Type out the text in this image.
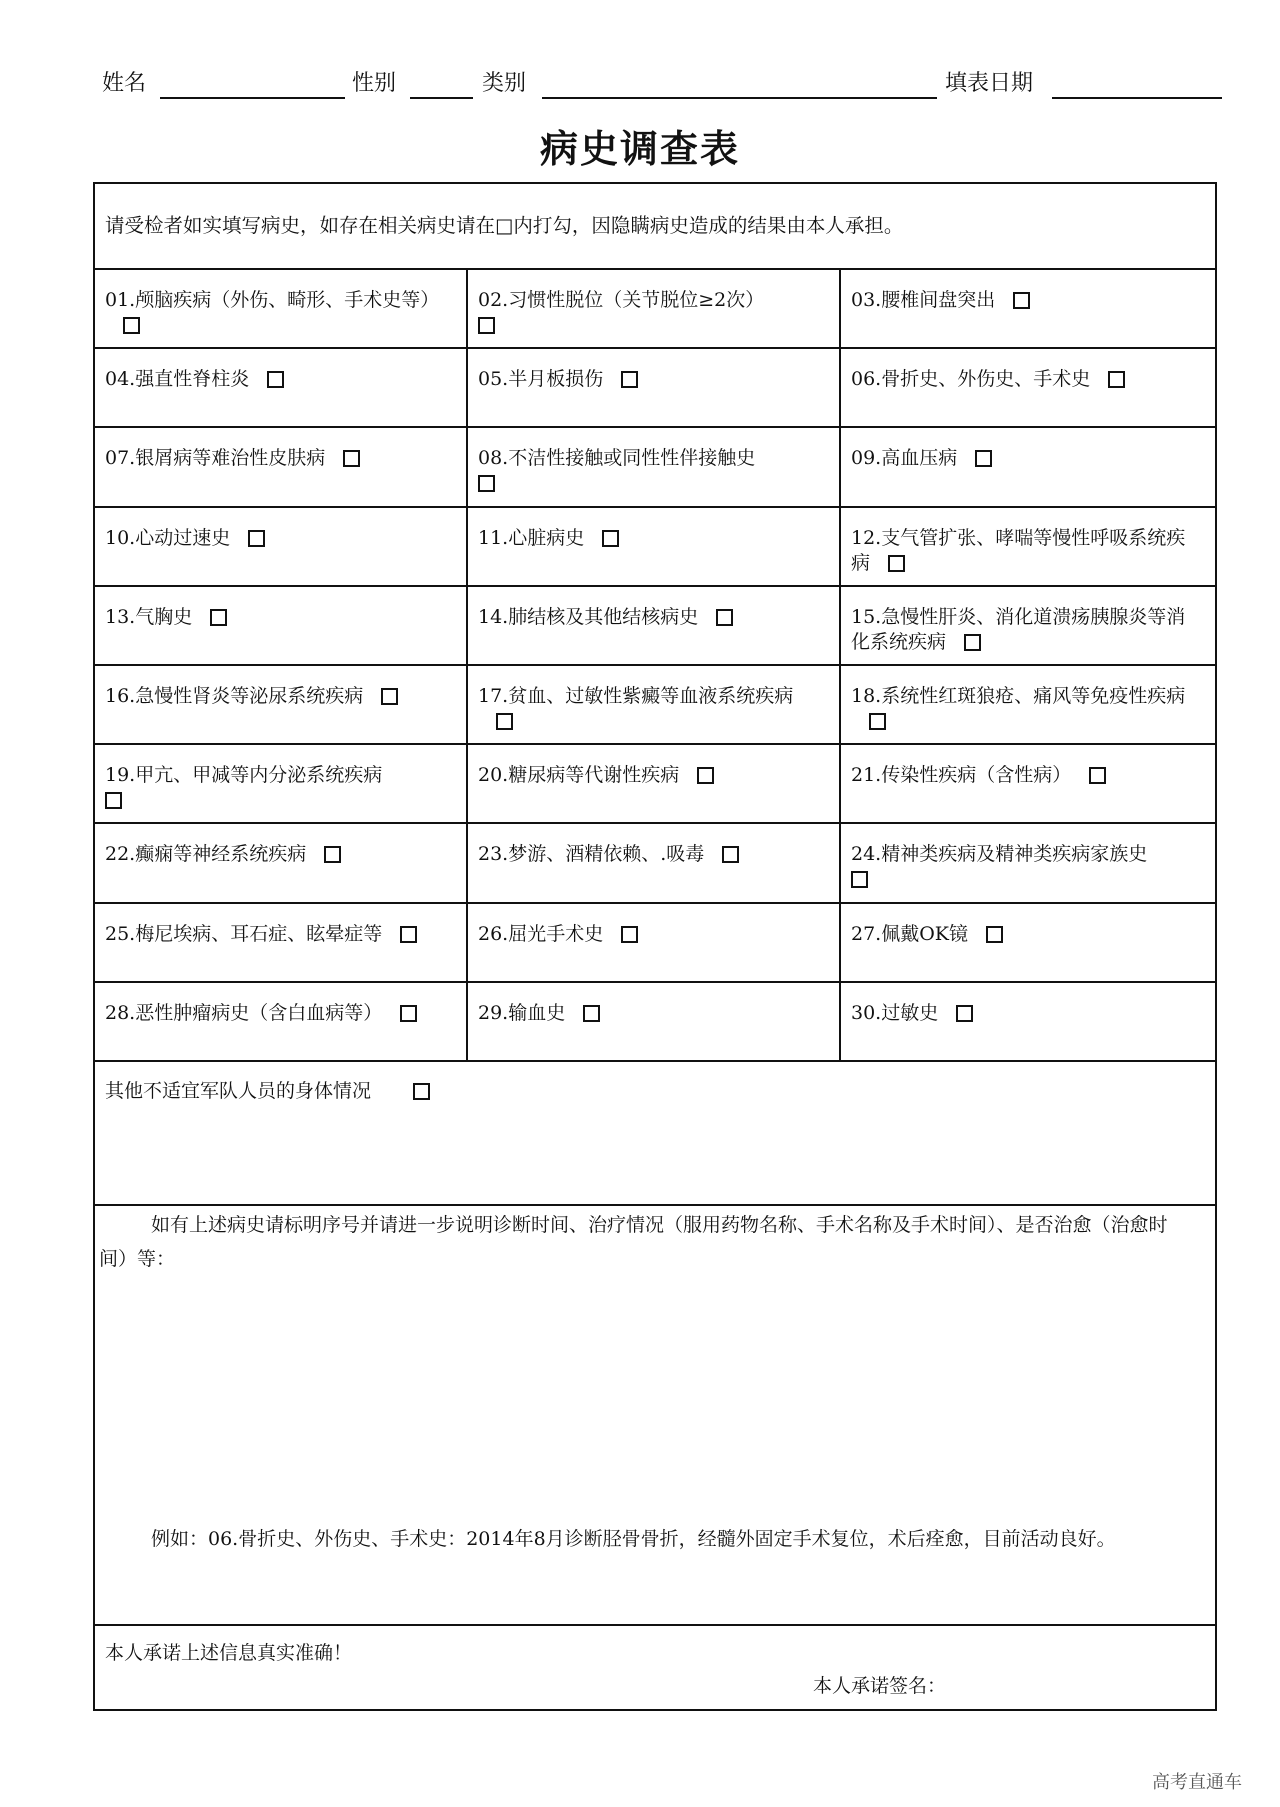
姓名	性别	类别	填表日期
病史调查表
请受检者如实填写病史，如存在相关病史请在□内打勾，因隐瞒病史造成的结果由本人承担。
01.颅脑疾病（外伤、畸形、手术史等）	02.习惯性脱位（关节脱位≥2次）	03.腰椎间盘突出
04.强直性脊柱炎	05.半月板损伤	06.骨折史、外伤史、手术史
07.银屑病等难治性皮肤病	08.不洁性接触或同性性伴接触史	09.高血压病
10.心动过速史	11.心脏病史	12.支气管扩张、哮喘等慢性呼吸系统疾病
13.气胸史	14.肺结核及其他结核病史	15.急慢性肝炎、消化道溃疡胰腺炎等消化系统疾病
16.急慢性肾炎等泌尿系统疾病	17.贫血、过敏性紫癜等血液系统疾病	18.系统性红斑狼疮、痛风等免疫性疾病
19.甲亢、甲减等内分泌系统疾病	20.糖尿病等代谢性疾病	21.传染性疾病（含性病）
22.癫痫等神经系统疾病	23.梦游、酒精依赖、.吸毒	24.精神类疾病及精神类疾病家族史

25.梅尼埃病、耳石症、眩晕症等	26.屈光手术史	27.佩戴OK镜
28.恶性肿瘤病史（含白血病等）	29.输血史	30.过敏史
其他不适宜军队人员的身体情况
如有上述病史请标明序号并请进一步说明诊断时间、治疗情况（服用药物名称、手术名称及手术时间）、是否治愈（治愈时间）等：
例如：06.骨折史、外伤史、手术史：2014年8月诊断胫骨骨折，经髓外固定手术复位，术后痊愈，目前活动良好。
本人承诺上述信息真实准确！
本人承诺签名：
高考直通车
